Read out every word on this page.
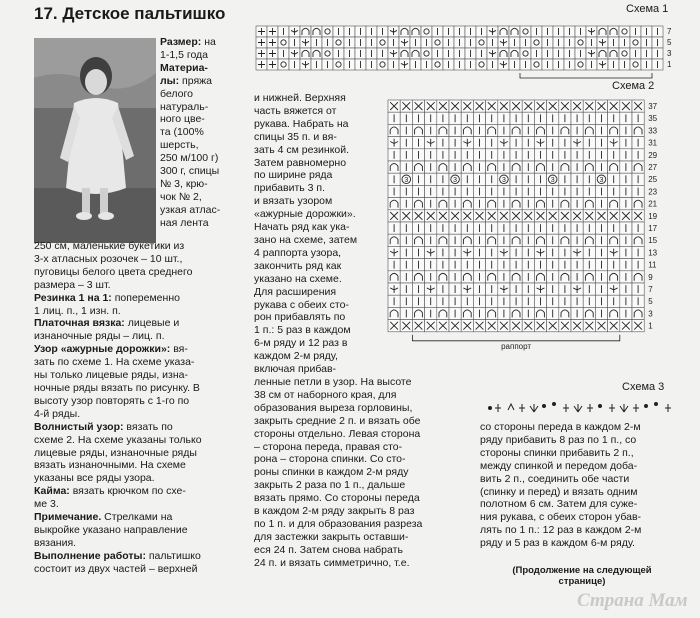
17. Детское пальтишко

Размер: на

1-1,5 года

Материа-

лы: пряжа

белого

натураль-

ного цве-

та (100%

шерсть,

250 м/100 г)

300 г, спицы

№ 3, крю-

чок № 2,

узкая атлас-

ная лента

250 см, маленькие букетики из

3-х атласных розочек – 10 шт.,

пуговицы белого цвета среднего

размера – 3 шт.

Резинка 1 на 1: попеременно

1 лиц. п., 1 изн. п.

Платочная вязка: лицевые и

изнаночные ряды – лиц. п.

Узор «ажурные дорожки»: вя-

зать по схеме 1. На схеме указа-

ны только лицевые ряды, изна-

ночные ряды вязать по рисунку. В

высоту узор повторять с 1-го по

4-й ряды.

Волнистый узор: вязать по

схеме 2. На схеме указаны только

лицевые ряды, изнаночные ряды

вязать изнаночными. На схеме

указаны все ряды узора.

Кайма: вязать крючком по схе-

ме 3.

Примечание. Стрелками на

выкройке указано направление

вязания.

Выполнение работы: пальтишко

состоит из двух частей – верхней

и нижней. Верхняя

часть вяжется от

рукава. Набрать на

спицы 35 п. и вя-

зать 4 см резинкой.

Затем равномерно

по ширине ряда

прибавить 3 п.

и вязать узором

«ажурные дорожки».

Начать ряд как ука-

зано на схеме, затем

4 раппорта узора,

закончить ряд как

указано на схеме.

Для расширения

рукава с обеих сто-

рон прибавлять по

1 п.: 5 раз в каждом

6-м ряду и 12 раз в

каждом 2-м ряду,

включая прибав-

ленные петли в узор. На высоте

38 см от наборного края, для

образования выреза горловины,

закрыть средние 2 п. и вязать обе

стороны отдельно. Левая сторона

– сторона переда, правая сто-

рона – сторона спинки. Со сто-

роны спинки в каждом 2-м ряду

закрыть 2 раза по 1 п., дальше

вязать прямо. Со стороны переда

в каждом 2-м ряду закрыть 8 раз

по 1 п. и для образования разреза

для застежки закрыть оставши-

еся 24 п. Затем снова набрать

24 п. и вязать симметрично, т.е.

со стороны переда в каждом 2-м

ряду прибавить 8 раз по 1 п., со

стороны спинки прибавить 2 п.,

между спинкой и передом доба-

вить 2 п., соединить обе части

(спинку и перед) и вязать одним

полотном 6 см. Затем для суже-

ния рукава, с обеих сторон убав-

лять по 1 п.: 12 раз в каждом 2-м

ряду и 5 раз в каждом 6-м ряду.

(Продолжение на следующей странице)
Схема 1
Схема 2
Схема 3
7
5
3
1
3	3	3	3	3
37
35
33
31
29
27
25
23
21
19
17
15
13
11
9
7
5
3
1
раппорт
Страна Мам
